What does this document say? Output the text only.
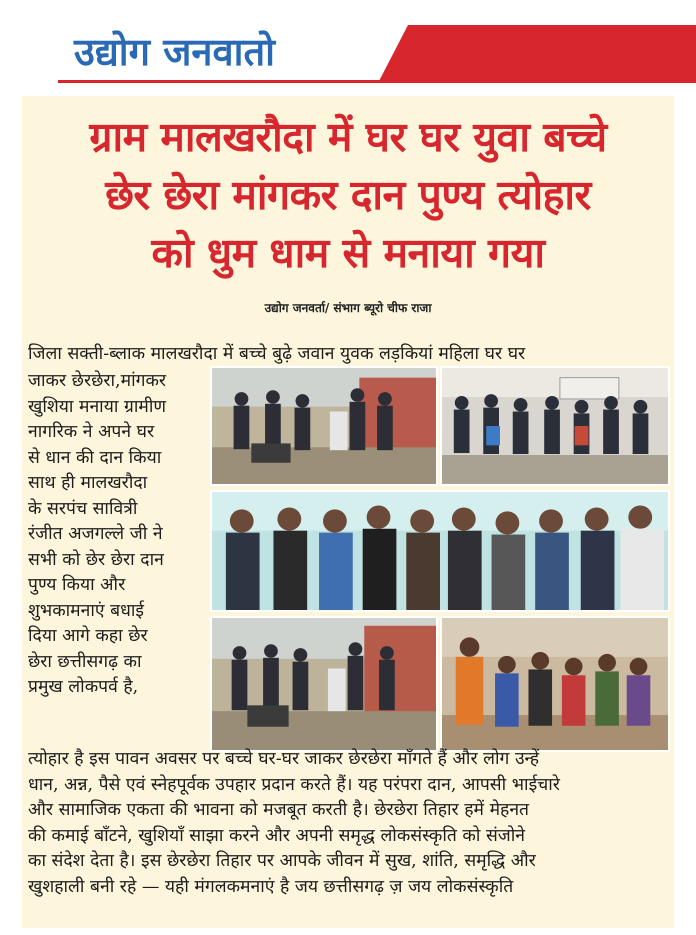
उद्योग जनवातो
ग्राम मालखरौदा में घर घर युवा बच्चे
छेर छेरा मांगकर दान पुण्य त्योहार
को धुम धाम से मनाया गया
उद्योग जनवर्ता/ संभाग ब्यूरो चीफ राजा
जिला सक्ती-ब्लाक मालखरौदा में बच्चे बुढ़े जवान युवक लड़कियां महिला घर घर
जाकर छेरछेरा,मांगकर
खुशिया मनाया ग्रामीण
नागरिक ने अपने घर
से धान की दान किया
साथ ही मालखरौदा
के सरपंच सावित्री
रंजीत अजगल्ले जी ने
सभी को छेर छेरा दान
पुण्य किया और
शुभकामनाएं बधाई
दिया आगे कहा छेर
छेरा छत्तीसगढ़ का
प्रमुख लोकपर्व है,
त्योहार है इस पावन अवसर पर बच्चे घर-घर जाकर छेरछेरा माँगते हैं और लोग उन्हें
धान, अन्न, पैसे एवं स्नेहपूर्वक उपहार प्रदान करते हैं। यह परंपरा दान, आपसी भाईचारे
और सामाजिक एकता की भावना को मजबूत करती है। छेरछेरा तिहार हमें मेहनत
की कमाई बाँटने, खुशियाँ साझा करने और अपनी समृद्ध लोकसंस्कृति को संजोने
का संदेश देता है। इस छेरछेरा तिहार पर आपके जीवन में सुख, शांति, समृद्धि और
खुशहाली बनी रहे — यही मंगलकमनाएं है जय छत्तीसगढ़ ज़ जय लोकसंस्कृति
